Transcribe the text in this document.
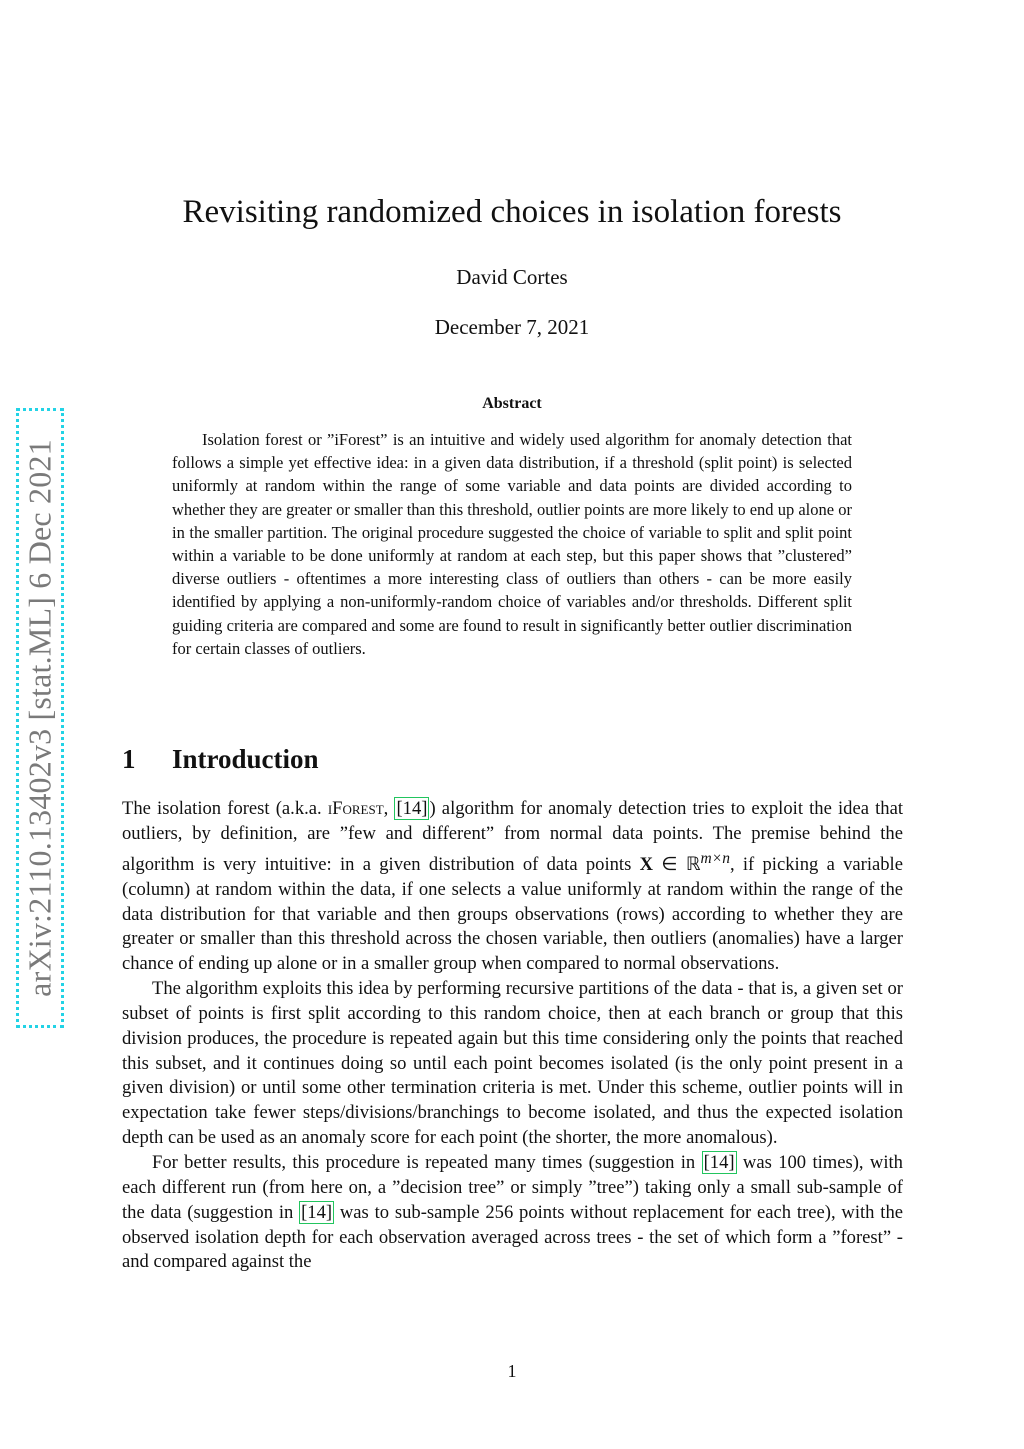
arXiv:2110.13402v3 [stat.ML] 6 Dec 2021
Revisiting randomized choices in isolation forests

David Cortes

December 7, 2021

Abstract

Isolation forest or ”iForest” is an intuitive and widely used algorithm for anomaly detection that follows a simple yet effective idea: in a given data distribution, if a threshold (split point) is selected uniformly at random within the range of some variable and data points are divided according to whether they are greater or smaller than this threshold, outlier points are more likely to end up alone or in the smaller partition. The original procedure suggested the choice of variable to split and split point within a variable to be done uniformly at random at each step, but this paper shows that ”clustered” diverse outliers - oftentimes a more interesting class of outliers than others - can be more easily identified by applying a non-uniformly-random choice of variables and/or thresholds. Different split guiding criteria are compared and some are found to result in significantly better outlier discrimination for certain classes of outliers.

1 Introduction

The isolation forest (a.k.a. iForest, [14] ) algorithm for anomaly detection tries to exploit the idea that outliers, by definition, are ”few and different” from normal data points. The premise behind the algorithm is very intuitive: in a given distribution of data points X ∈ ℝ$^{m\times n}$, if picking a variable (column) at random within the data, if one selects a value uniformly at random within the range of the data distribution for that variable and then groups observations (rows) according to whether they are greater or smaller than this threshold across the chosen variable, then outliers (anomalies) have a larger chance of ending up alone or in a smaller group when compared to normal observations.

The algorithm exploits this idea by performing recursive partitions of the data - that is, a given set or subset of points is first split according to this random choice, then at each branch or group that this division produces, the procedure is repeated again but this time considering only the points that reached this subset, and it continues doing so until each point becomes isolated (is the only point present in a given division) or until some other termination criteria is met. Under this scheme, outlier points will in expectation take fewer steps/divisions/branchings to become isolated, and thus the expected isolation depth can be used as an anomaly score for each point (the shorter, the more anomalous).

For better results, this procedure is repeated many times (suggestion in [14] was 100 times), with each different run (from here on, a ”decision tree” or simply ”tree”) taking only a small sub-sample of the data (suggestion in [14] was to sub-sample 256 points without replacement for each tree), with the observed isolation depth for each observation averaged across trees - the set of which form a ”forest” - and compared against the

1
